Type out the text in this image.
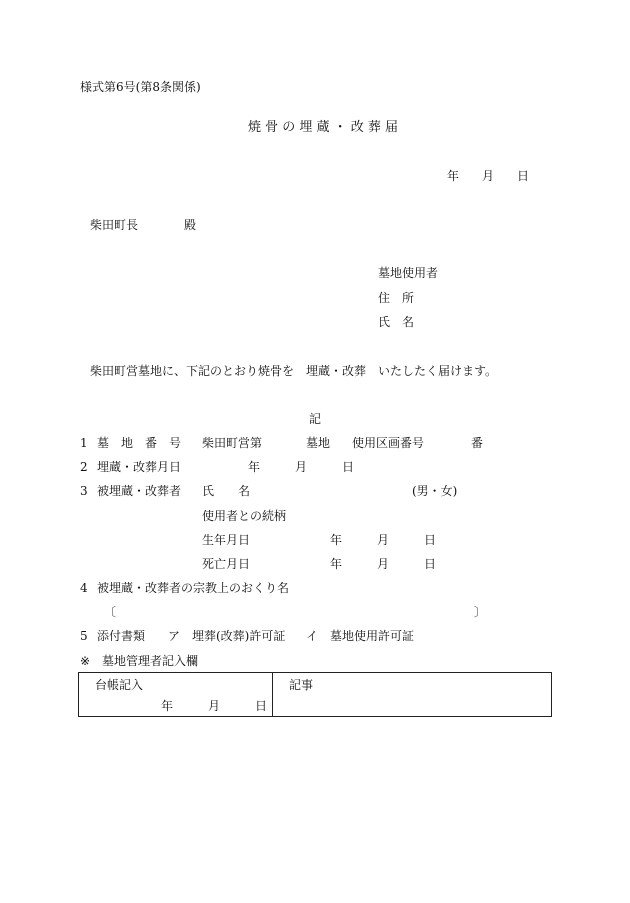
様式第6号(第8条関係)
焼 骨 の 埋 蔵 ・ 改 葬 届
年 月 日
柴田町長	殿
墓地使用者
住　所
氏　名
柴田町営墓地に、下記のとおり焼骨を　埋蔵・改葬　いたしたく届けます。
記
1 墓　地　番　号 柴田町営第	墓地 使用区画番号	番
2 埋蔵・改葬月日	年	月	日
3 被埋蔵・改葬者 氏　　名	(男・女)
使用者との続柄
生年月日	年	月	日
死亡月日	年	月	日
4 被埋蔵・改葬者の宗教上のおくり名
〔	〕
5 添付書類 ア　埋葬(改葬)許可証 イ　墓地使用許可証
※ 墓地管理者記入欄
台帳記入
年	月	日
記事
